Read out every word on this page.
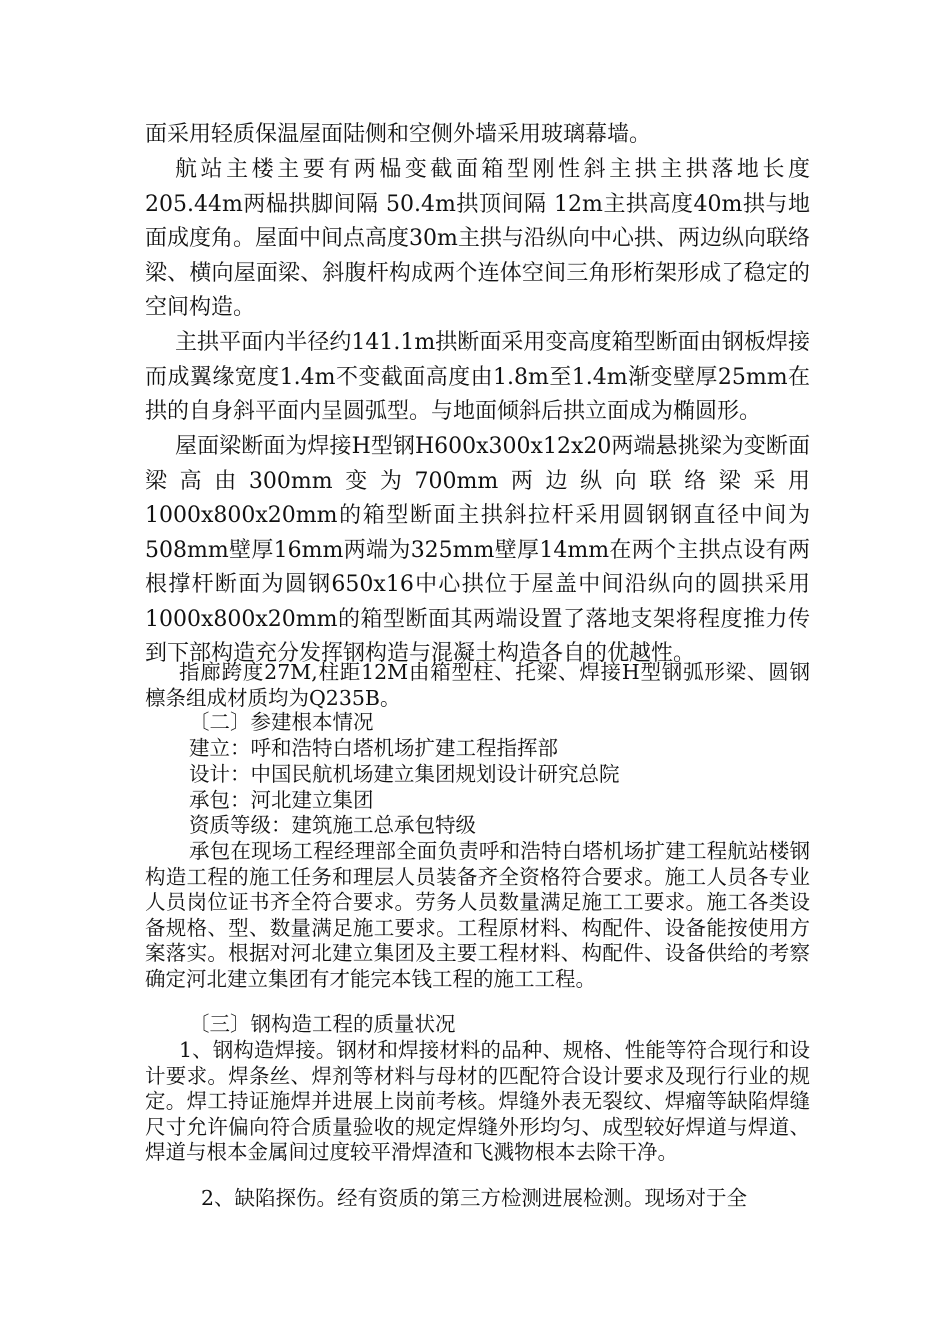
面采用轻质保温屋面陆侧和空侧外墙采用玻璃幕墙。

航站主楼主要有两榀变截面箱型刚性斜主拱主拱落地长度205.44m两榀拱脚间隔 50.4m拱顶间隔 12m主拱高度40m拱与地面成度角。屋面中间点高度30m主拱与沿纵向中心拱、两边纵向联络梁、横向屋面梁、斜腹杆构成两个连体空间三角形桁架形成了稳定的空间构造。

主拱平面内半径约141.1m拱断面采用变高度箱型断面由钢板焊接而成翼缘宽度1.4m不变截面高度由1.8m至1.4m渐变壁厚25mm在拱的自身斜平面内呈圆弧型。与地面倾斜后拱立面成为椭圆形。

屋面梁断面为焊接H型钢H600x300x12x20两端悬挑梁为变断面梁高由300mm变为700mm两边纵向联络梁采用1000x800x20mm的箱型断面主拱斜拉杆采用圆钢钢直径中间为508mm壁厚16mm两端为325mm壁厚14mm在两个主拱点设有两根撑杆断面为圆钢650x16中心拱位于屋盖中间沿纵向的圆拱采用1000x800x20mm的箱型断面其两端设置了落地支架将程度推力传到下部构造充分发挥钢构造与混凝土构造各自的优越性。

指廊跨度27M,柱距12M由箱型柱、托梁、焊接H型钢弧形梁、圆钢檩条组成材质均为Q235B。

〔二〕参建根本情况

建立：呼和浩特白塔机场扩建工程指挥部

设计：中国民航机场建立集团规划设计研究总院

承包：河北建立集团

资质等级：建筑施工总承包特级

承包在现场工程经理部全面负责呼和浩特白塔机场扩建工程航站楼钢构造工程的施工任务和理层人员装备齐全资格符合要求。施工人员各专业人员岗位证书齐全符合要求。劳务人员数量满足施工工要求。施工各类设备规格、型、数量满足施工要求。工程原材料、构配件、设备能按使用方案落实。根据对河北建立集团及主要工程材料、构配件、设备供给的考察确定河北建立集团有才能完本钱工程的施工工程。

〔三〕钢构造工程的质量状况

1、钢构造焊接。钢材和焊接材料的品种、规格、性能等符合现行和设计要求。焊条丝、焊剂等材料与母材的匹配符合设计要求及现行行业的规定。焊工持证施焊并进展上岗前考核。焊缝外表无裂纹、焊瘤等缺陷焊缝尺寸允许偏向符合质量验收的规定焊缝外形均匀、成型较好焊道与焊道、焊道与根本金属间过度较平滑焊渣和飞溅物根本去除干净。

2、缺陷探伤。经有资质的第三方检测进展检测。现场对于全
